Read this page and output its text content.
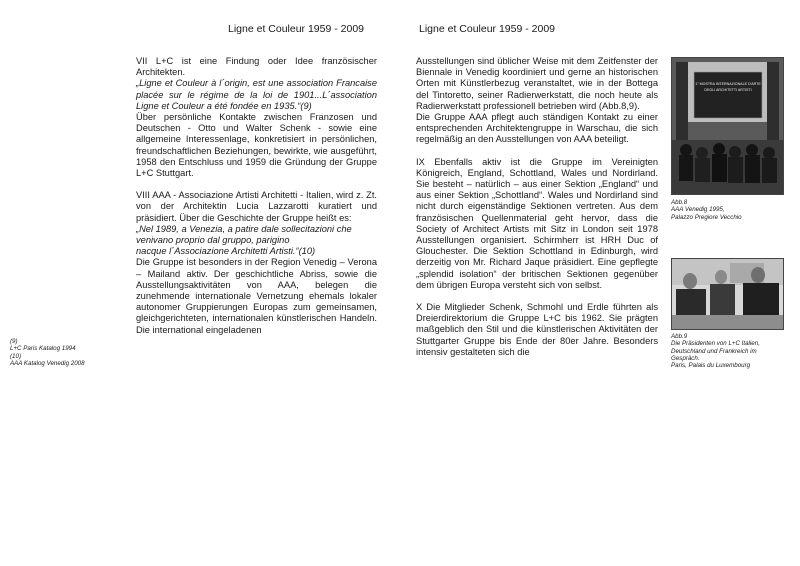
Ligne et Couleur 1959 - 2009	Ligne et Couleur 1959 - 2009

VII L+C ist eine Findung oder Idee französischer Architekten.

„Ligne et Couleur à l´origin, est une association Francaise placée sur le régime de la loi de 1901...L´association Ligne et Couleur a été fondée en 1935.“(9)

Über persönliche Kontakte zwischen Franzosen und Deutschen - Otto und Walter Schenk - sowie eine allgemeine Interessenlage, konkretisiert in persönlichen, freundschaftlichen Beziehungen, bewirkte, wie ausgeführt, 1958 den Entschluss und 1959 die Gründung der Gruppe L+C Stuttgart.

VIII AAA - Associazione Artisti Architetti - Italien, wird z. Zt. von der Architektin Lucia Lazzarotti kuratiert und präsidiert. Über die Geschichte der Gruppe heißt es:

„Nel 1989, a Venezia, a patire dale sollecitazioni che

venivano proprio dal gruppo, parigino

nacque l´Associazione Architetti Artisti.“(10)

Die Gruppe ist besonders in der Region Venedig – Verona – Mailand aktiv. Der geschichtliche Abriss, sowie die Ausstellungsaktivitäten von AAA, belegen die zunehmende internationale Vernetzung ehemals lokaler autonomer Gruppierungen Europas zum gemeinsamen, gleichgerichteten, internationalen künstlerischen Handeln. Die international eingeladenen

(9)
L+C Paris Katalog 1994
(10)
AAA Katalog Venedig 2008

Ausstellungen sind üblicher Weise mit dem Zeitfenster der Biennale in Venedig koordiniert und gerne an historischen Orten mit Künstlerbezug veranstaltet, wie in der Bottega del Tintoretto, seiner Radierwerkstatt, die noch heute als Radierwerkstatt professionell betrieben wird (Abb.8,9).

Die Gruppe AAA pflegt auch ständigen Kontakt zu einer entsprechenden Architektengruppe in Warschau, die sich regelmäßig an den Ausstellungen von AAA beteiligt.

IX Ebenfalls aktiv ist die Gruppe im Vereinigten Königreich, England, Schottland, Wales und Nordirland. Sie besteht – natürlich – aus einer Sektion „England“ und aus einer Sektion „Schottland“. Wales und Nordirland sind nicht durch eigenständige Sektionen vertreten. Aus dem französischen Quellenmaterial geht hervor, dass die Society of Architect Artists mit Sitz in London seit 1978 Ausstellungen organisiert. Schirmherr ist HRH Duc of Glouchester. Die Sektion Schottland in Edinburgh, wird derzeitig von Mr. Richard Jaque präsidiert. Eine gepflegte „splendid isolation“ der britischen Sektionen gegenüber dem übrigen Europa versteht sich von selbst.

X Die Mitglieder Schenk, Schmohl und Erdle führten als Dreierdirektorium die Gruppe L+C bis 1962. Sie prägten maßgeblich den Stil und die künstlerischen Aktivitäten der Stuttgarter Gruppe bis Ende der 80er Jahre. Besonders intensiv gestalteten sich die

1° MOSTRA INTERNAZIONALE D'ARTE
DEGLI ARCHITETTI ARTISTI
Abb.8
AAA Venedig 1995,
Palazzo Pregiore Vecchio
Abb.9
Die Präsidenten von L+C Italien,
Deutschland und Frankreich im
Gespräch.
Paris, Palais du Luxembourg
